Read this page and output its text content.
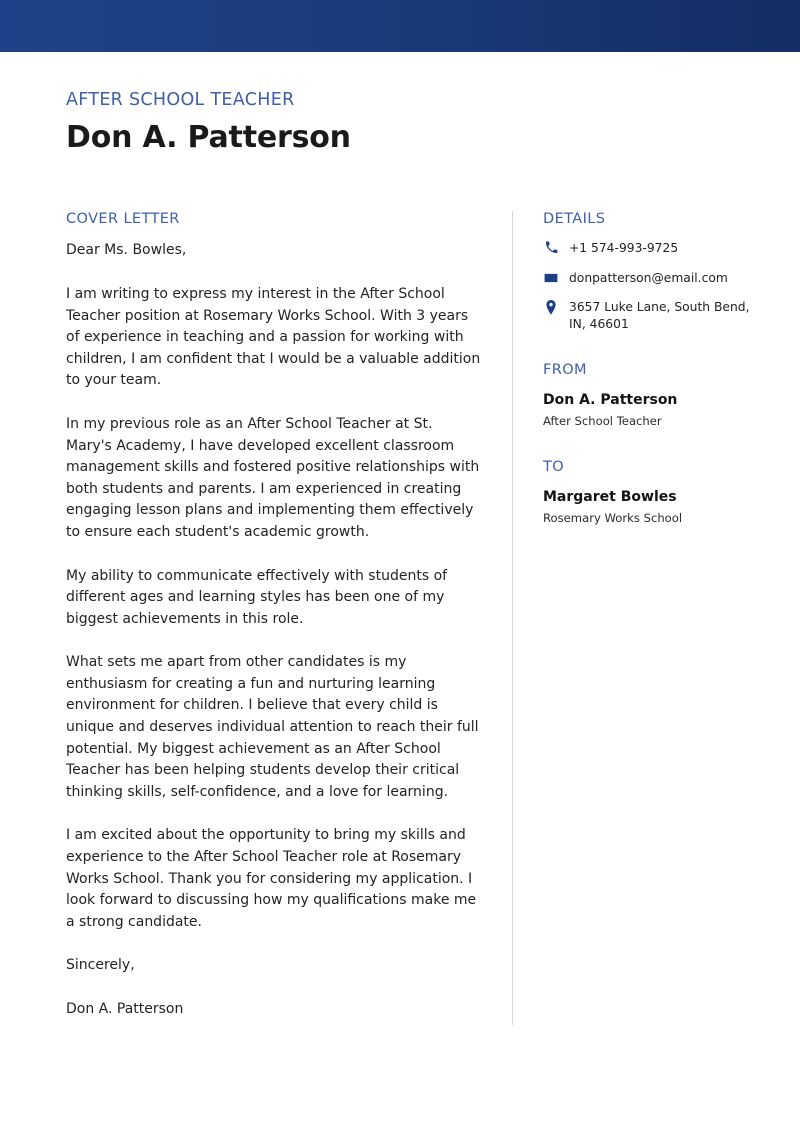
AFTER SCHOOL TEACHER
Don A. Patterson
COVER LETTER

Dear Ms. Bowles,

I am writing to express my interest in the After School Teacher position at Rosemary Works School. With 3 years of experience in teaching and a passion for working with children, I am confident that I would be a valuable addition to your team.

In my previous role as an After School Teacher at St. Mary's Academy, I have developed excellent classroom management skills and fostered positive relationships with both students and parents. I am experienced in creating engaging lesson plans and implementing them effectively to ensure each student's academic growth.

My ability to communicate effectively with students of different ages and learning styles has been one of my biggest achievements in this role.

What sets me apart from other candidates is my enthusiasm for creating a fun and nurturing learning environment for children. I believe that every child is unique and deserves individual attention to reach their full potential. My biggest achievement as an After School Teacher has been helping students develop their critical thinking skills, self-confidence, and a love for learning.

I am excited about the opportunity to bring my skills and experience to the After School Teacher role at Rosemary Works School. Thank you for considering my application. I look forward to discussing how my qualifications make me a strong candidate.

Sincerely,

Don A. Patterson

DETAILS
+1 574-993-9725
donpatterson@email.com
3657 Luke Lane, South Bend, IN, 46601
FROM
Don A. Patterson
After School Teacher
TO
Margaret Bowles
Rosemary Works School
